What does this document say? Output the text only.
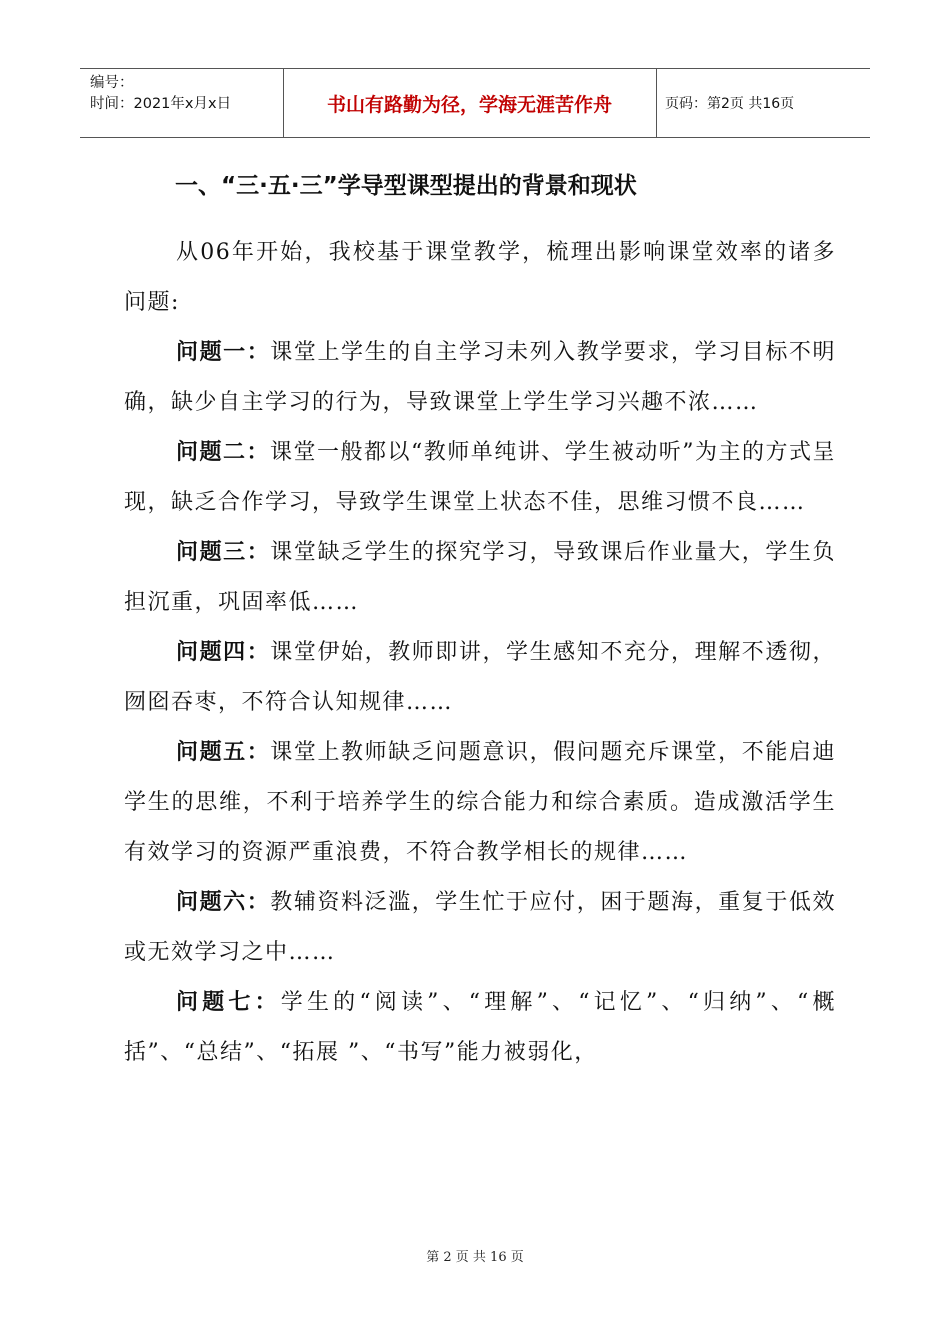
编号：
时间：2021年x月x日	书山有路勤为径，学海无涯苦作舟	页码：第2页 共16页
一、“三·五·三”学导型课型提出的背景和现状

从06年开始，我校基于课堂教学，梳理出影响课堂效率的诸多问题:

问题一：课堂上学生的自主学习未列入教学要求，学习目标不明确，缺少自主学习的行为，导致课堂上学生学习兴趣不浓……

问题二：课堂一般都以“教师单纯讲、学生被动听”为主的方式呈现，缺乏合作学习，导致学生课堂上状态不佳，思维习惯不良……

问题三：课堂缺乏学生的探究学习，导致课后作业量大，学生负担沉重，巩固率低……

问题四：课堂伊始，教师即讲，学生感知不充分，理解不透彻，囫囵吞枣，不符合认知规律……

问题五：课堂上教师缺乏问题意识，假问题充斥课堂，不能启迪学生的思维，不利于培养学生的综合能力和综合素质。造成激活学生有效学习的资源严重浪费，不符合教学相长的规律……

问题六：教辅资料泛滥，学生忙于应付，困于题海，重复于低效或无效学习之中……

问题七：学生的“阅读”、“理解”、“记忆”、“归纳”、“概括”、“总结”、“拓展 ”、“书写”能力被弱化，

第 2 页 共 16 页
